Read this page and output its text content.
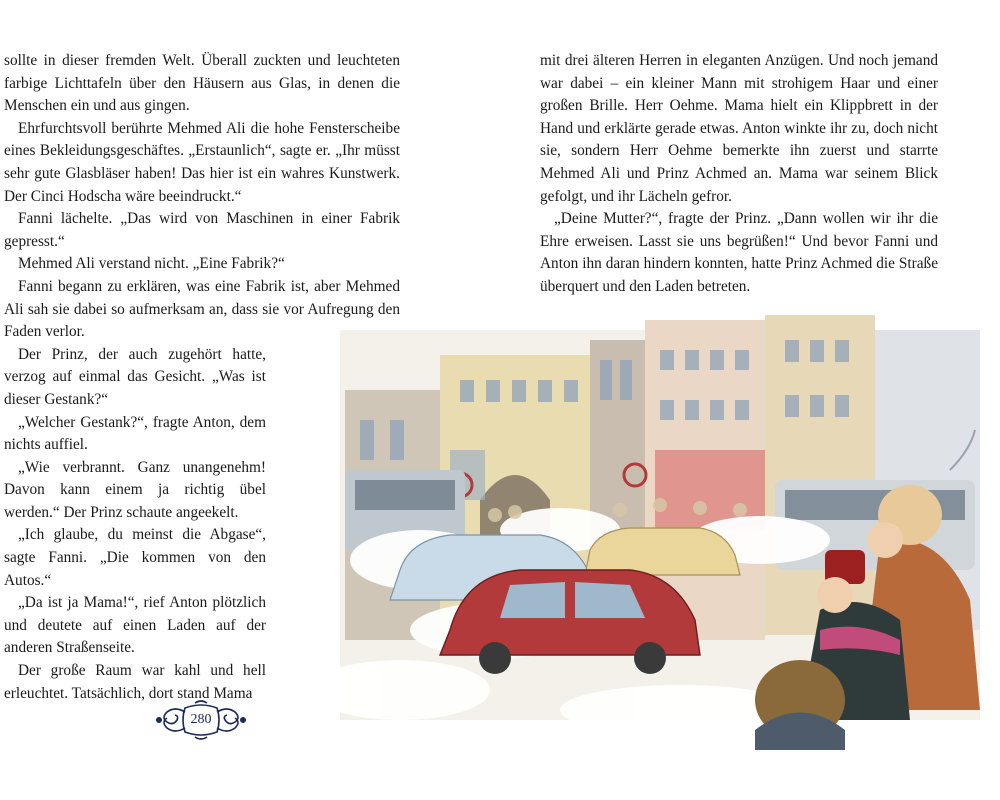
sollte in dieser fremden Welt. Überall zuckten und leuchteten farbige Lichttafeln über den Häusern aus Glas, in denen die Menschen ein und aus gingen.

Ehrfurchtsvoll berührte Mehmed Ali die hohe Fensterscheibe eines Bekleidungsgeschäftes. „Erstaunlich“, sagte er. „Ihr müsst sehr gute Glasbläser haben! Das hier ist ein wahres Kunstwerk. Der Cinci Hodscha wäre beeindruckt.“

Fanni lächelte. „Das wird von Maschinen in einer Fabrik gepresst.“

Mehmed Ali verstand nicht. „Eine Fabrik?“

Fanni begann zu erklären, was eine Fabrik ist, aber Mehmed Ali sah sie dabei so aufmerksam an, dass sie vor Aufregung den Faden verlor.

Der Prinz, der auch zugehört hatte, verzog auf einmal das Gesicht. „Was ist dieser Gestank?“

„Welcher Gestank?“, fragte Anton, dem nichts auffiel.

„Wie verbrannt. Ganz unangenehm! Davon kann einem ja richtig übel werden.“ Der Prinz schaute angeekelt.

„Ich glaube, du meinst die Abgase“, sagte Fanni. „Die kommen von den Autos.“

„Da ist ja Mama!“, rief Anton plötzlich und deutete auf einen Laden auf der anderen Straßenseite.

Der große Raum war kahl und hell erleuchtet. Tatsächlich, dort stand Mama

280

mit drei älteren Herren in eleganten Anzügen. Und noch jemand war dabei – ein kleiner Mann mit strohigem Haar und einer großen Brille. Herr Oehme. Mama hielt ein Klippbrett in der Hand und erklärte gerade etwas. Anton winkte ihr zu, doch nicht sie, sondern Herr Oehme bemerkte ihn zuerst und starrte Mehmed Ali und Prinz Achmed an. Mama war seinem Blick gefolgt, und ihr Lächeln gefror.

„Deine Mutter?“, fragte der Prinz. „Dann wollen wir ihr die Ehre erweisen. Lasst sie uns begrüßen!“ Und bevor Fanni und Anton ihn daran hindern konnten, hatte Prinz Achmed die Straße überquert und den Laden betreten.
